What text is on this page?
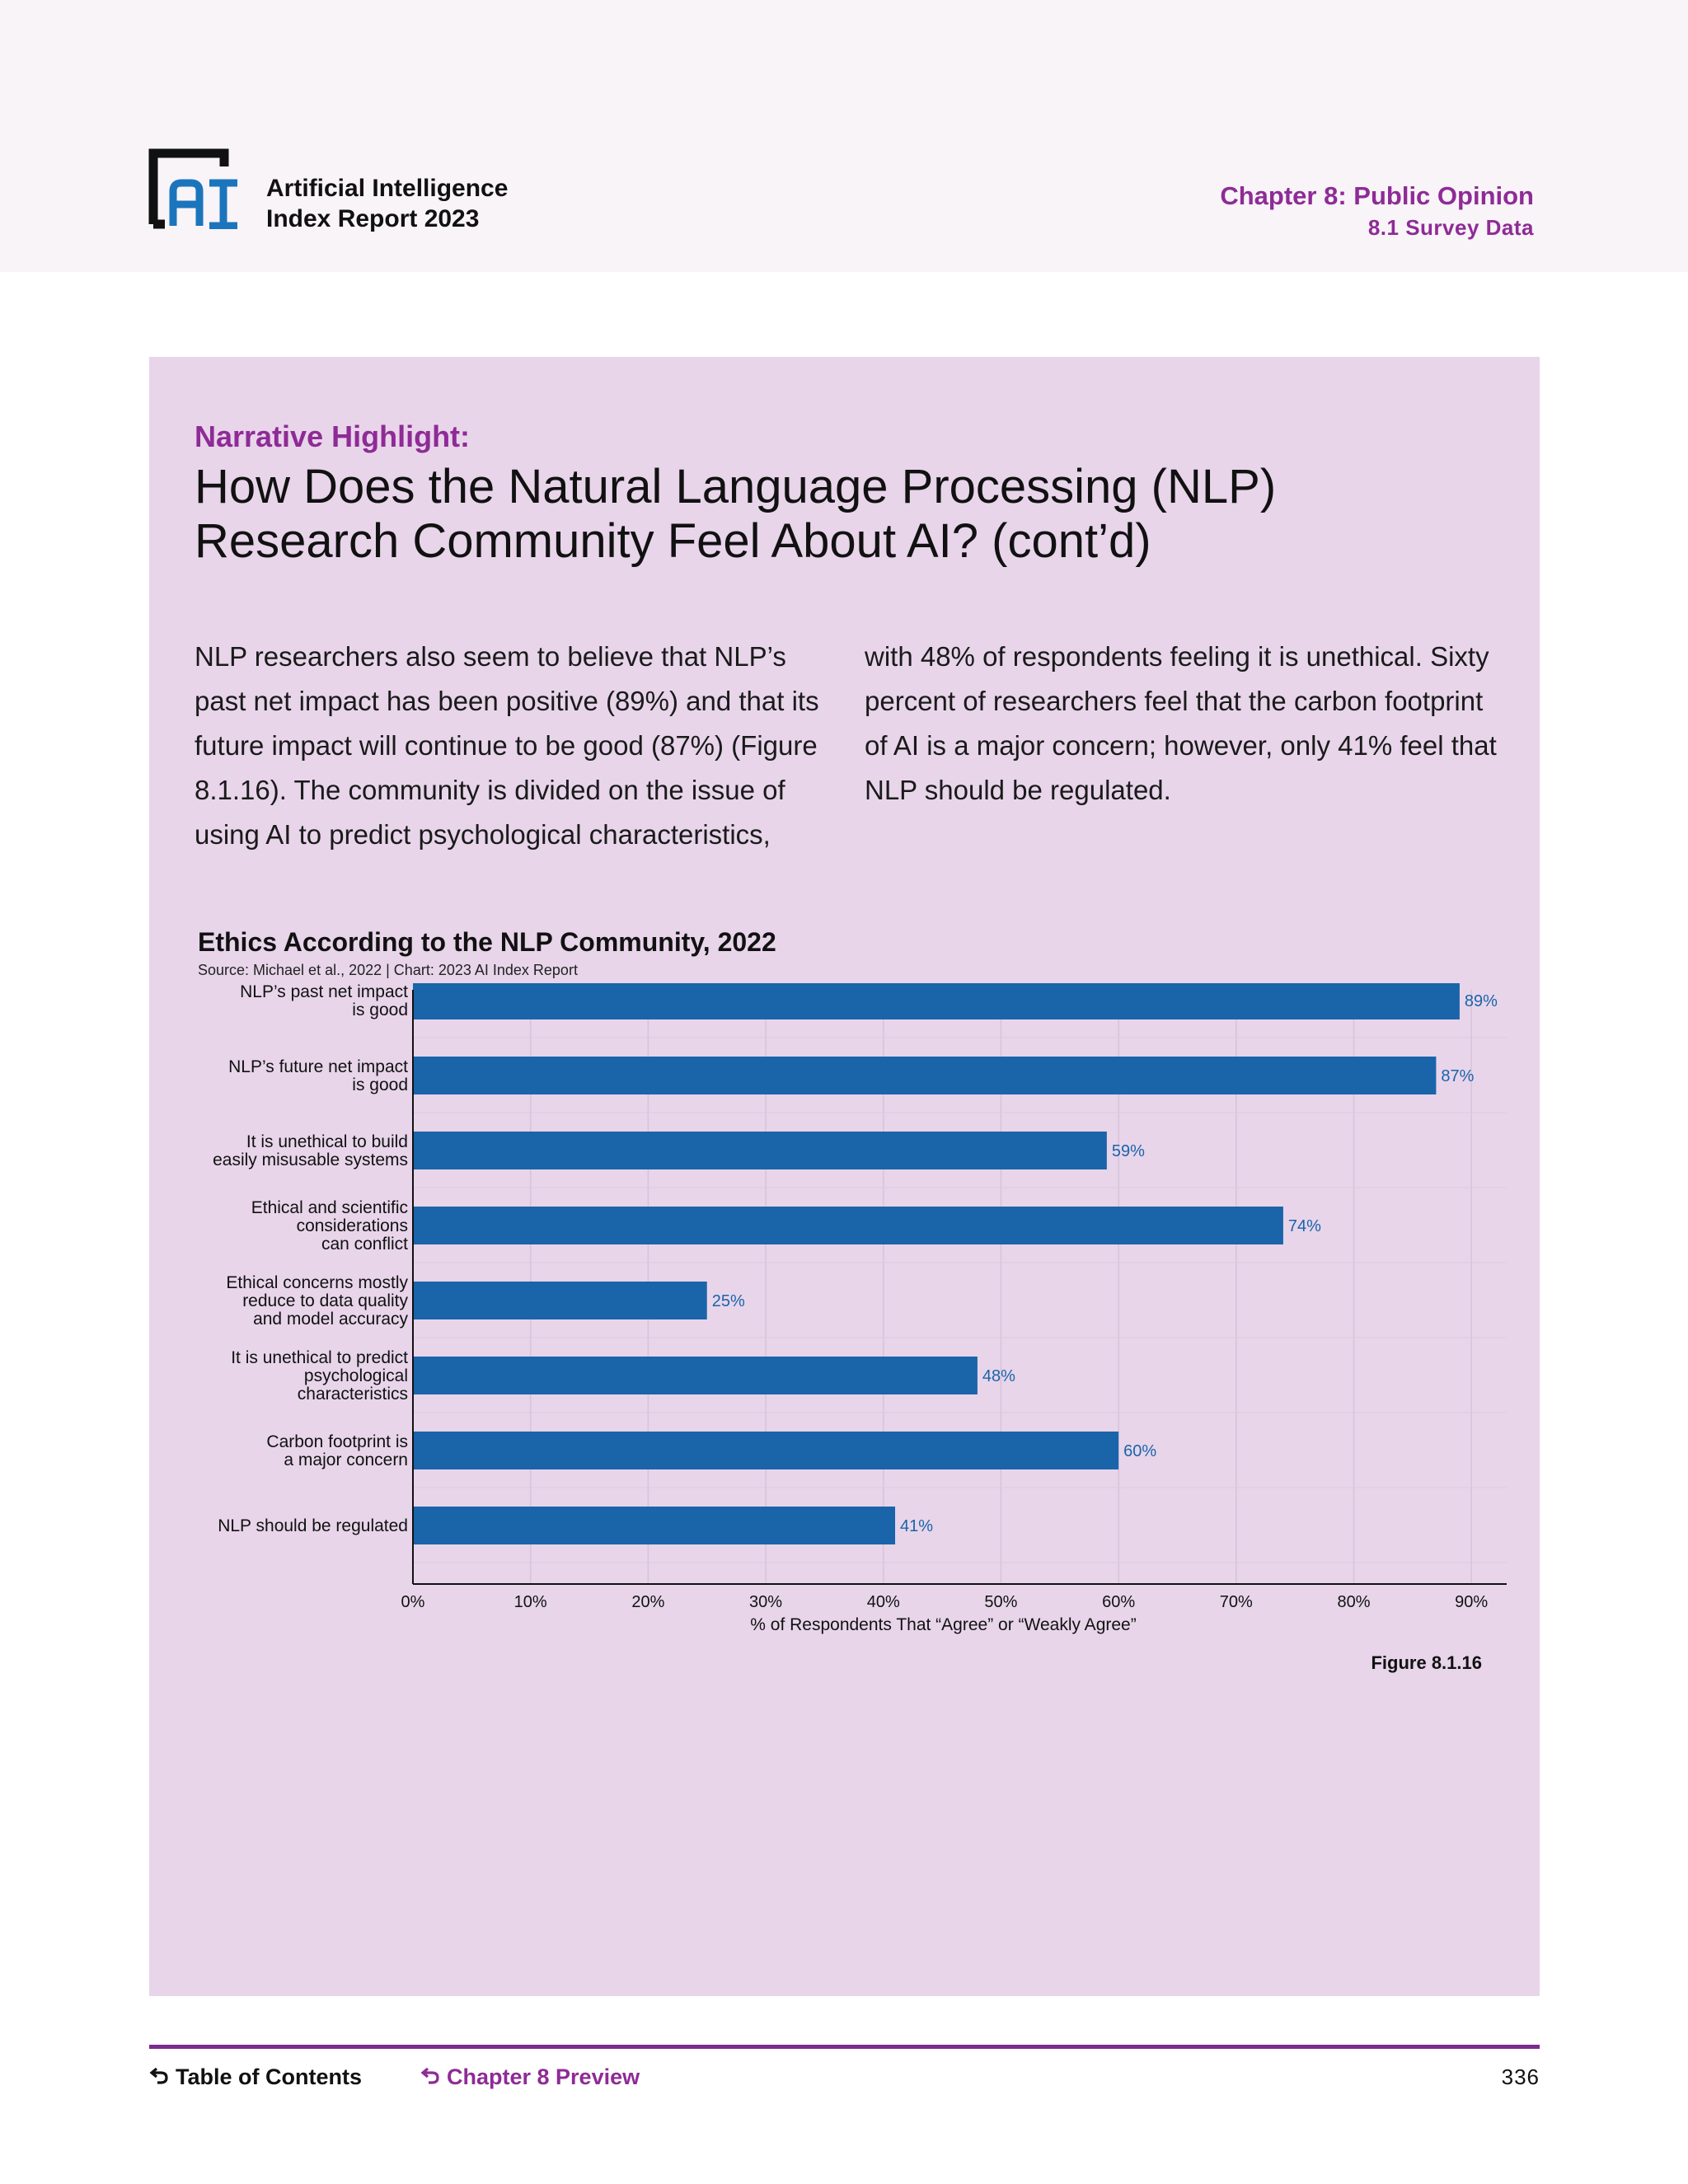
Artificial Intelligence
Index Report 2023
Chapter 8: Public Opinion
8.1 Survey Data
Narrative Highlight:
How Does the Natural Language Processing (NLP)
Research Community Feel About AI? (cont’d)

NLP researchers also seem to believe that NLP’s past net impact has been positive (89%) and that its future impact will continue to be good (87%) (Figure 8.1.16). The community is divided on the issue of using AI to predict psychological characteristics,

with 48% of respondents feeling it is unethical. Sixty percent of researchers feel that the carbon footprint of AI is a major concern; however, only 41% feel that NLP should be regulated.

Ethics According to the NLP Community, 2022
Source: Michael et al., 2022 | Chart: 2023 AI Index Report
0%	10%	20%	30%	40%	50%	60%	70%	80%	90%
89%
NLP’s past net impact
is good
87%
NLP’s future net impact
is good
59%
It is unethical to build
easily misusable systems
74%
Ethical and scientific
considerations
can conflict
25%
Ethical concerns mostly
reduce to data quality
and model accuracy
48%
It is unethical to predict
psychological
characteristics
60%
Carbon footprint is
a major concern
41%
NLP should be regulated
% of Respondents That “Agree” or “Weakly Agree”
Figure 8.1.16
Table of Contents	Chapter 8 Preview	336
